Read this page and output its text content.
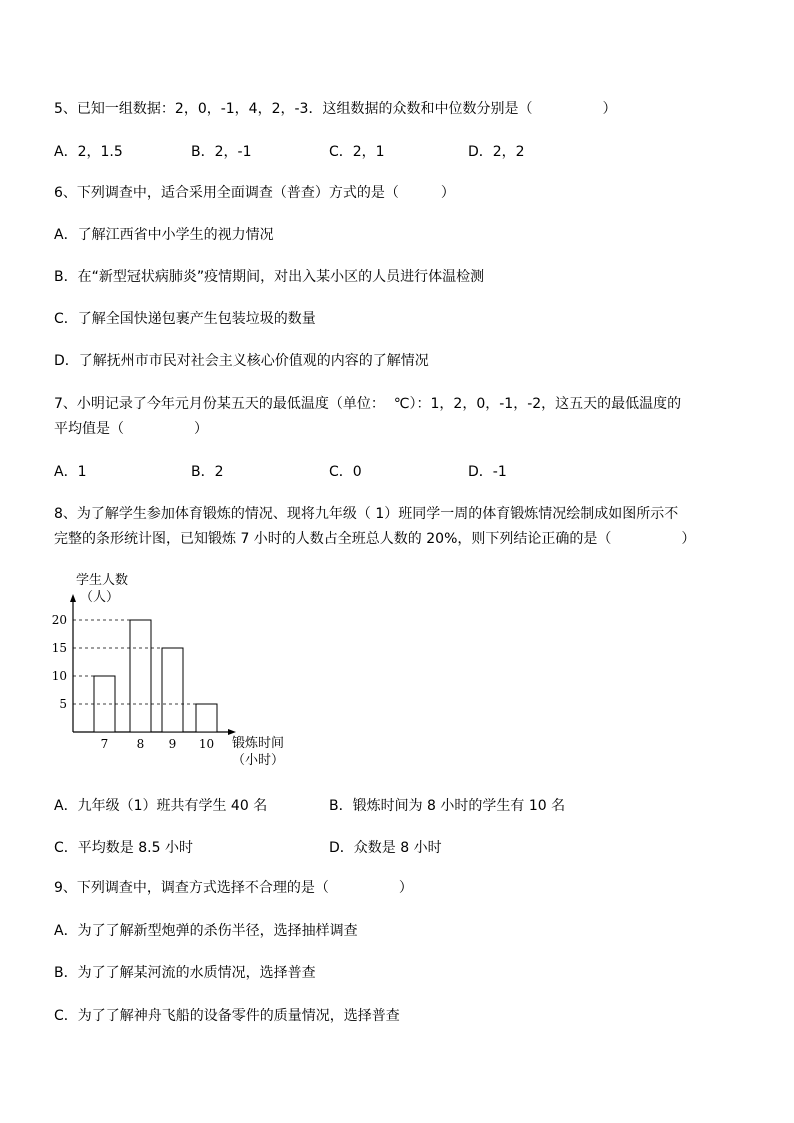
5、已知一组数据：2，0，-1，4，2，-3．这组数据的众数和中位数分别是（　　　　　）
A．2，1.5	B．2，-1	C．2，1	D．2，2
6、下列调查中，适合采用全面调查（普查）方式的是（　　　）
A．了解江西省中小学生的视力情况
B．在“新型冠状病肺炎”疫情期间，对出入某小区的人员进行体温检测
C．了解全国快递包裹产生包装垃圾的数量
D．了解抚州市市民对社会主义核心价值观的内容的了解情况
7、小明记录了今年元月份某五天的最低温度（单位：  ℃）：1，2，0，-1，-2，这五天的最低温度的
平均值是（　　　　　）
A．1	B．2	C．0	D．-1
8、为了解学生参加体育锻炼的情况、现将九年级（ 1）班同学一周的体育锻炼情况绘制成如图所示不
完整的条形统计图，已知锻炼 7 小时的人数占全班总人数的 20%，则下列结论正确的是（　　　　　）
5
10
15
20
7 8 9 10
学生人数
（人）
锻炼时间
（小时）
A．九年级（1）班共有学生 40 名	B．锻炼时间为 8 小时的学生有 10 名
C．平均数是 8.5 小时	D．众数是 8 小时
9、下列调查中，调查方式选择不合理的是（　　　　　）
A．为了了解新型炮弹的杀伤半径，选择抽样调查
B．为了了解某河流的水质情况，选择普查
C．为了了解神舟飞船的设备零件的质量情况，选择普查
